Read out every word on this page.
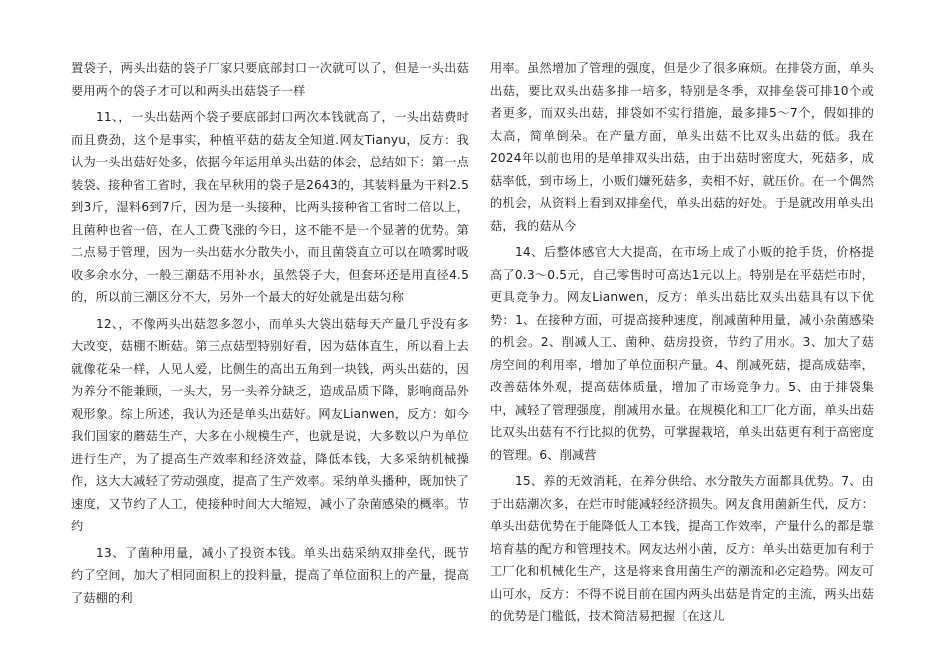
置袋子，两头出菇的袋子厂家只要底部封口一次就可以了，但是一头出菇要用两个的袋子才可以和两头出菇袋子一样

11、，一头出菇两个袋子要底部封口两次本钱就高了，一头出菇费时而且费劲，这个是事实，种植平菇的菇友全知道.网友Tianyu，反方：我认为一头出菇好处多，依据今年运用单头出菇的体会，总结如下：第一点装袋、接种省工省时，我在早秋用的袋子是2643的，其装料量为干料2.5到3斤，湿料6到7斤，因为是一头接种，比两头接种省工省时二倍以上，且菌种也省一倍，在人工费飞涨的今日，这不能不是一个显著的优势。第二点易于管理，因为一头出菇水分散失小，而且菌袋直立可以在喷雾时吸收多余水分，一般三潮菇不用补水，虽然袋子大，但套环还是用直径4.5的，所以前三潮区分不大，另外一个最大的好处就是出菇匀称

12、，不像两头出菇忽多忽小，而单头大袋出菇每天产量几乎没有多大改变，菇棚不断菇。第三点菇型特别好看，因为菇体直生，所以看上去就像花朵一样，人见人爱，比侧生的高出五角到一块钱，两头出菇的，因为养分不能兼顾，一头大，另一头养分缺乏，造成品质下降，影响商品外观形象。综上所述，我认为还是单头出菇好。网友Lianwen，反方：如今我们国家的蘑菇生产，大多在小规模生产，也就是说，大多数以户为单位进行生产，为了提高生产效率和经济效益，降低本钱，大多采纳机械操作，这大大减轻了劳动强度，提高了生产效率。采纳单头播种，既加快了速度，又节约了人工，使接种时间大大缩短，减小了杂菌感染的概率。节约

13、了菌种用量，减小了投资本钱。单头出菇采纳双排垒代，既节约了空间，加大了相同面积上的投料量，提高了单位面积上的产量，提高了菇棚的利

用率。虽然增加了管理的强度，但是少了很多麻烦。在排袋方面，单头出菇，要比双头出菇多排一培多，特别是冬季，双排垒袋可排10个或者更多，而双头出菇，排袋如不实行措施，最多排5～7个，假如排的太高，简单倒朵。在产量方面，单头出菇不比双头出菇的低。我在2024年以前也用的是单排双头出菇，由于出菇时密度大，死菇多，成菇率低，到市场上，小贩们嫌死菇多，卖相不好，就压价。在一个偶然的机会，从资料上看到双排垒代，单头出菇的好处。于是就改用单头出菇，我的菇从今

14、后整体感官大大提高，在市场上成了小贩的抢手货，价格提高了0.3～0.5元，自己零售时可高达1元以上。特别是在平菇烂市时，更具竞争力。网友Lianwen，反方：单头出菇比双头出菇具有以下优势：1、在接种方面，可提高接种速度，削减菌种用量，减小杂菌感染的机会。2、削减人工、菌种、菇房投资，节约了用水。3、加大了菇房空间的利用率，增加了单位面积产量。4、削减死菇，提高成菇率，改善菇体外观，提高菇体质量，增加了市场竞争力。5、由于排袋集中，减轻了管理强度，削减用水量。在规模化和工厂化方面，单头出菇比双头出菇有不行比拟的优势，可掌握栽培，单头出菇更有利于高密度的管理。6、削减营

15、养的无效消耗，在养分供给、水分散失方面都具优势。7、由于出菇潮次多，在烂市时能减轻经济损失。网友食用菌新生代，反方：单头出菇优势在于能降低人工本钱，提高工作效率，产量什么的都是靠培育基的配方和管理技术。网友达州小菌，反方：单头出菇更加有利于工厂化和机械化生产，这是将来食用菌生产的潮流和必定趋势。网友可山可水，反方：不得不说目前在国内两头出菇是肯定的主流，两头出菇的优势是门槛低，技术简洁易把握〔在这儿
